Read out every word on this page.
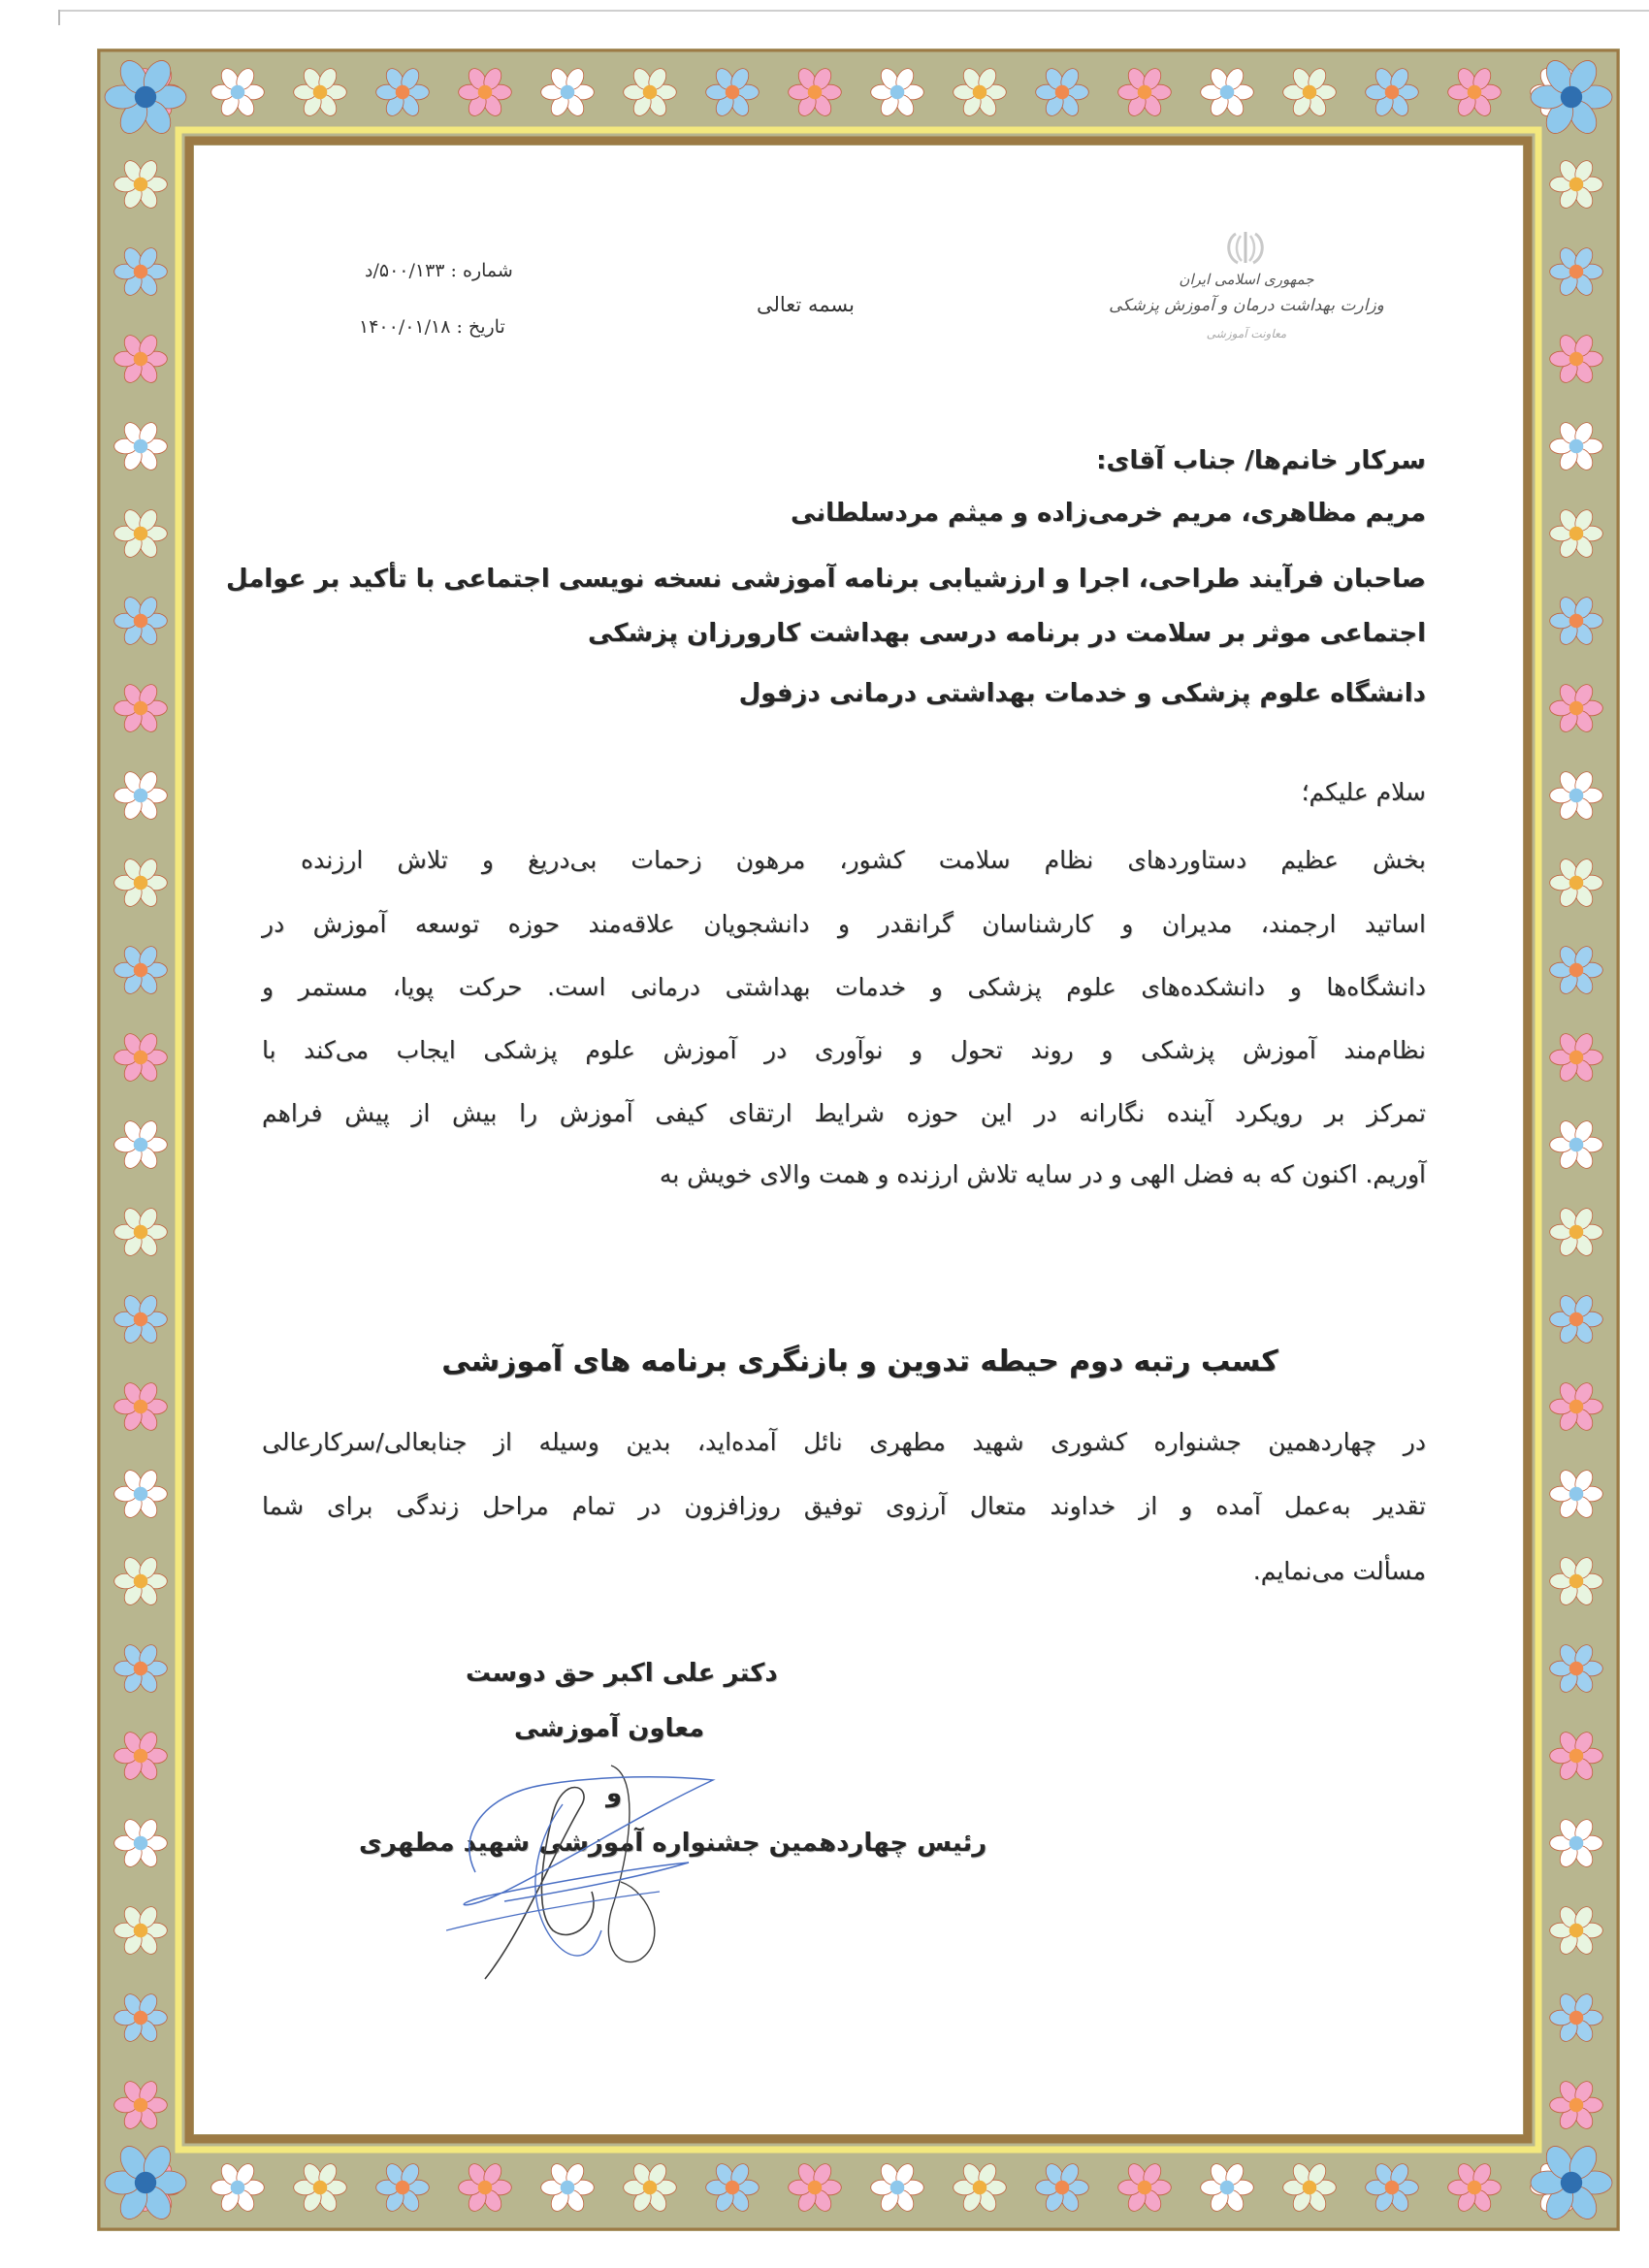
جمهوری اسلامی ایران
وزارت بهداشت درمان و آموزش پزشکی
معاونت آموزشی
بسمه تعالی
شماره : ۵۰۰/۱۳۳/د
تاریخ : ۱۴۰۰/۰۱/۱۸
سرکار خانم‌ها/ جناب آقای:
مریم مظاهری، مریم خرمی‌زاده و میثم مردسلطانی
صاحبان فرآیند طراحی، اجرا و ارزشیابی برنامه آموزشی نسخه نویسی اجتماعی با تأکید بر عوامل
اجتماعی موثر بر سلامت در برنامه درسی بهداشت کارورزان پزشکی
دانشگاه علوم پزشکی و خدمات بهداشتی درمانی دزفول
سلام علیکم؛
بخش عظیم دستاوردهای نظام سلامت کشور، مرهون زحمات بی‌دریغ و تلاش ارزنده
اساتید ارجمند، مدیران و کارشناسان گرانقدر و دانشجویان علاقه‌مند حوزه توسعه آموزش در
دانشگاه‌ها و دانشکده‌های علوم پزشکی و خدمات بهداشتی درمانی است. حرکت پویا، مستمر و
نظام‌مند آموزش پزشکی و روند تحول و نوآوری در آموزش علوم پزشکی ایجاب می‌کند با
تمرکز بر رویکرد آینده نگارانه در این حوزه شرایط ارتقای کیفی آموزش را بیش از پیش فراهم
آوریم. اکنون که به فضل الهی و در سایه تلاش ارزنده و همت والای خویش به
کسب رتبه دوم حیطه تدوین و بازنگری برنامه های آموزشی
در چهاردهمین جشنواره کشوری شهید مطهری نائل آمده‌اید، بدین وسیله از جنابعالی/سرکارعالی
تقدیر به‌عمل آمده و از خداوند متعال آرزوی توفیق روزافزون در تمام مراحل زندگی برای شما
مسألت می‌نمایم.
دکتر علی اکبر حق دوست
معاون آموزشی
و
رئیس چهاردهمین جشنواره آموزشی شهید مطهری
